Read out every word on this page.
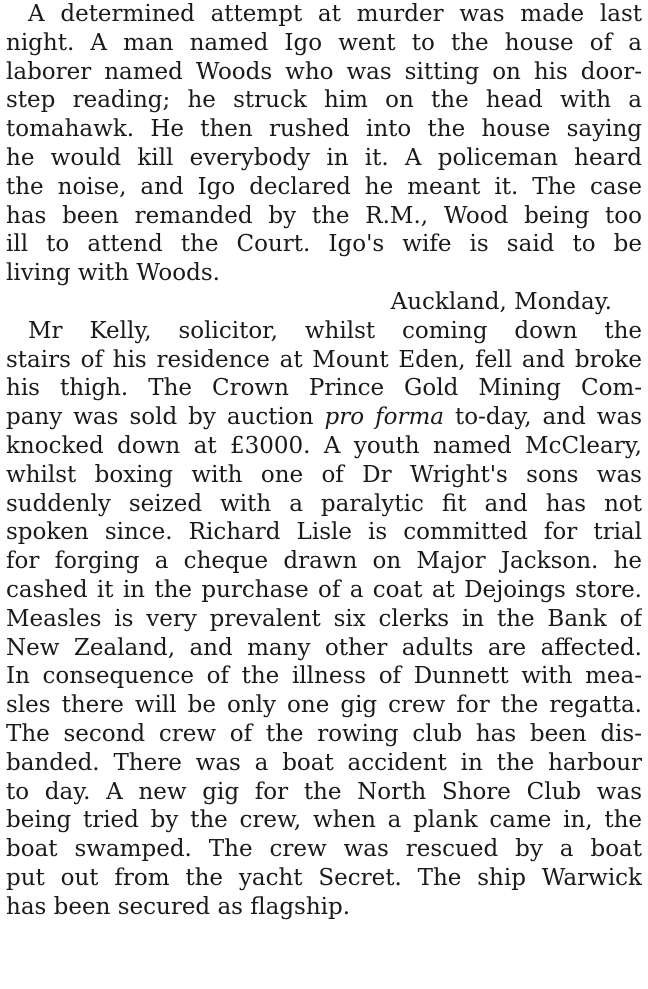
A determined attempt at murder was made last
night. A man named Igo went to the house of a
laborer named Woods who was sitting on his door-
step reading; he struck him on the head with a
tomahawk. He then rushed into the house saying
he would kill everybody in it. A policeman heard
the noise, and Igo declared he meant it. The case
has been remanded by the R.M., Wood being too
ill to attend the Court. Igo's wife is said to be
living with Woods.
Auckland, Monday.
Mr Kelly, solicitor, whilst coming down the
stairs of his residence at Mount Eden, fell and broke
his thigh. The Crown Prince Gold Mining Com-
pany was sold by auction pro forma to-day, and was
knocked down at £3000. A youth named McCleary,
whilst boxing with one of Dr Wright's sons was
suddenly seized with a paralytic fit and has not
spoken since. Richard Lisle is committed for trial
for forging a cheque drawn on Major Jackson. he
cashed it in the purchase of a coat at Dejoings store.
Measles is very prevalent six clerks in the Bank of
New Zealand, and many other adults are affected.
In consequence of the illness of Dunnett with mea-
sles there will be only one gig crew for the regatta.
The second crew of the rowing club has been dis-
banded. There was a boat accident in the harbour
to day. A new gig for the North Shore Club was
being tried by the crew, when a plank came in, the
boat swamped. The crew was rescued by a boat
put out from the yacht Secret. The ship Warwick
has been secured as flagship.
